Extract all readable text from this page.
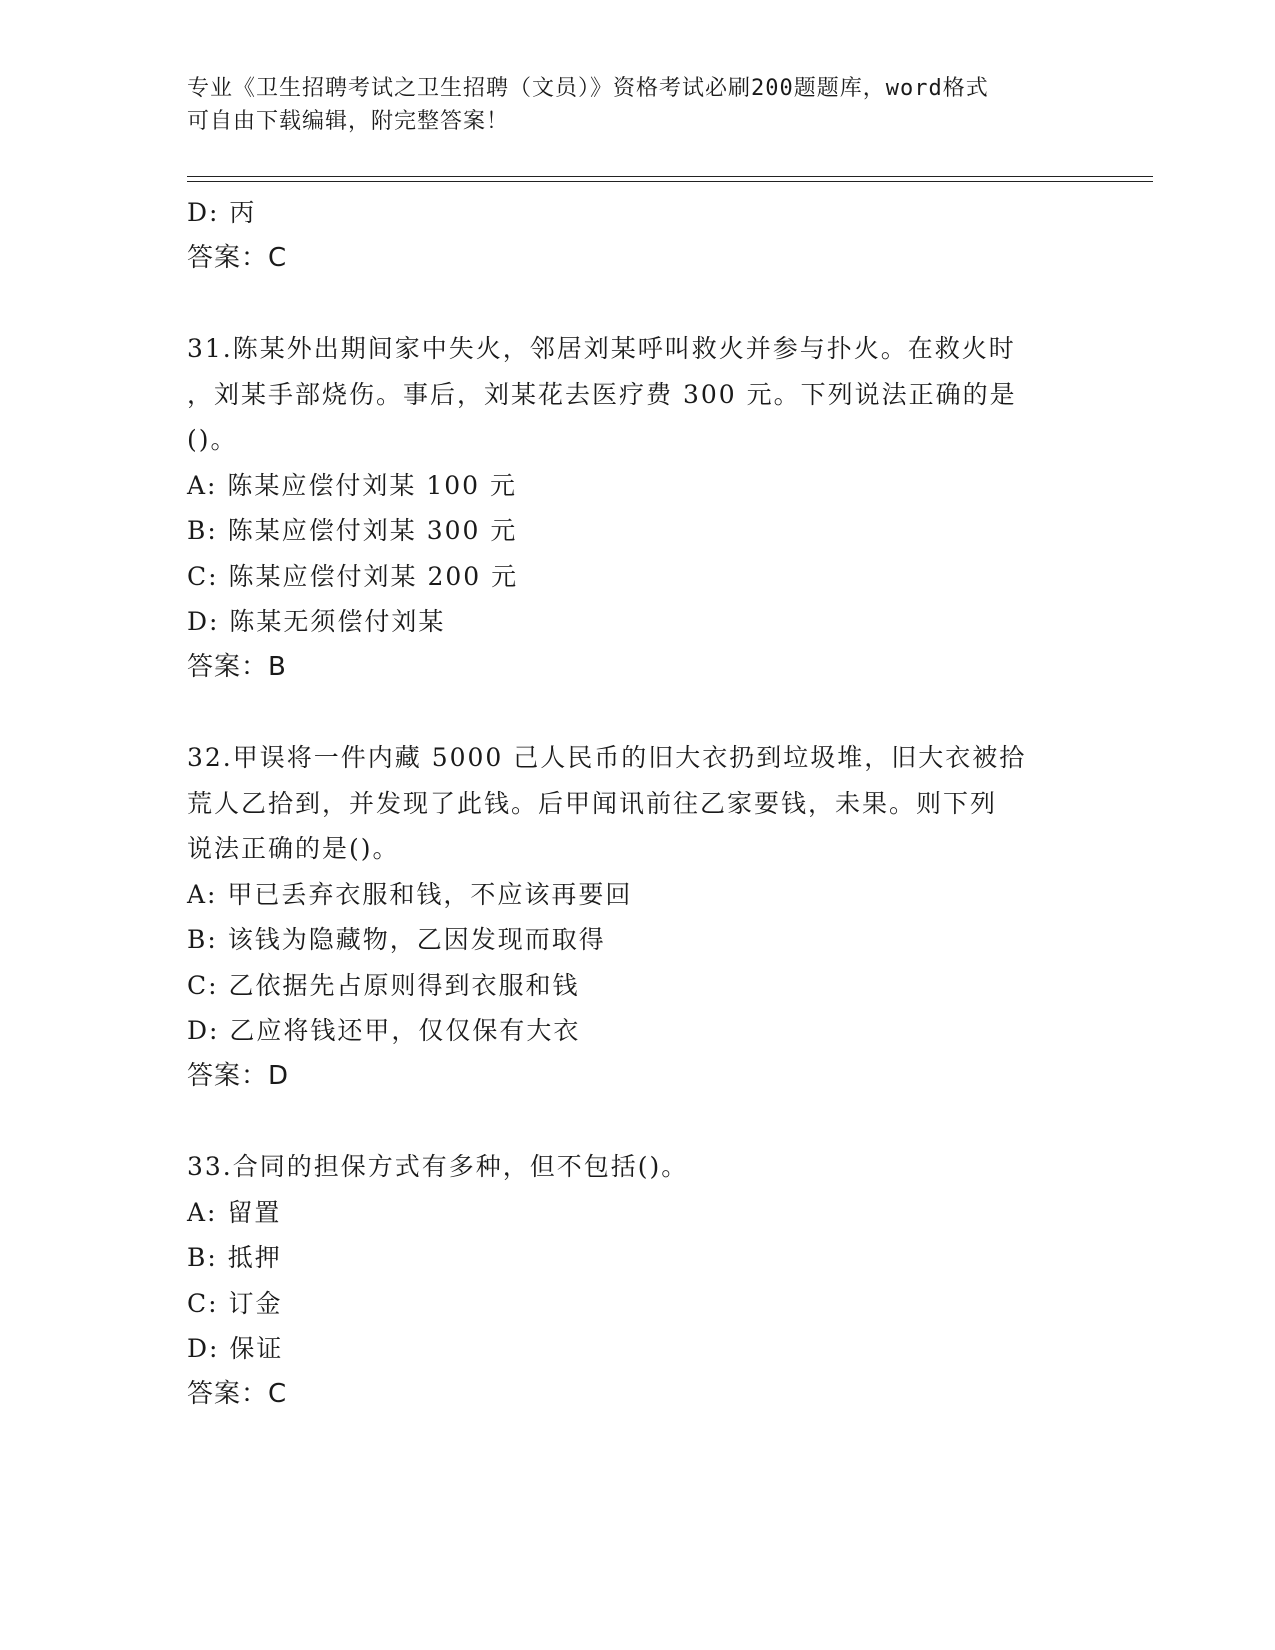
专业《卫生招聘考试之卫生招聘（文员）》资格考试必刷200题题库，word格式
可自由下载编辑，附完整答案！
D: 丙
答案：C
31.陈某外出期间家中失火，邻居刘某呼叫救火并参与扑火。在救火时
，刘某手部烧伤。事后，刘某花去医疗费 300 元。下列说法正确的是
()。
A: 陈某应偿付刘某 100 元
B: 陈某应偿付刘某 300 元
C: 陈某应偿付刘某 200 元
D: 陈某无须偿付刘某
答案：B
32.甲误将一件内藏 5000 己人民币的旧大衣扔到垃圾堆，旧大衣被拾
荒人乙拾到，并发现了此钱。后甲闻讯前往乙家要钱，未果。则下列
说法正确的是()。
A: 甲已丢弃衣服和钱，不应该再要回
B: 该钱为隐藏物，乙因发现而取得
C: 乙依据先占原则得到衣服和钱
D: 乙应将钱还甲，仅仅保有大衣
答案：D
33.合同的担保方式有多种，但不包括()。
A: 留置
B: 抵押
C: 订金
D: 保证
答案：C
